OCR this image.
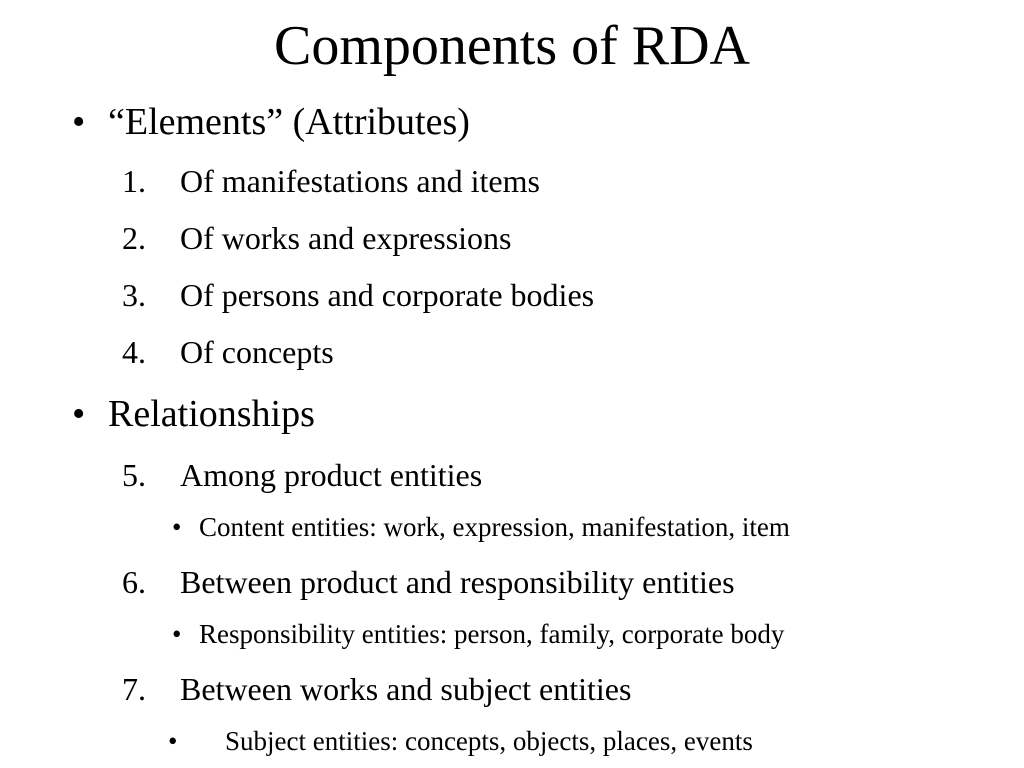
Components of RDA
• “Elements” (Attributes)
1. Of manifestations and items
2. Of works and expressions
3. Of persons and corporate bodies
4. Of concepts
• Relationships
5. Among product entities
• Content entities: work, expression, manifestation, item
6. Between product and responsibility entities
• Responsibility entities: person, family, corporate body
7. Between works and subject entities
• Subject entities: concepts, objects, places, events
